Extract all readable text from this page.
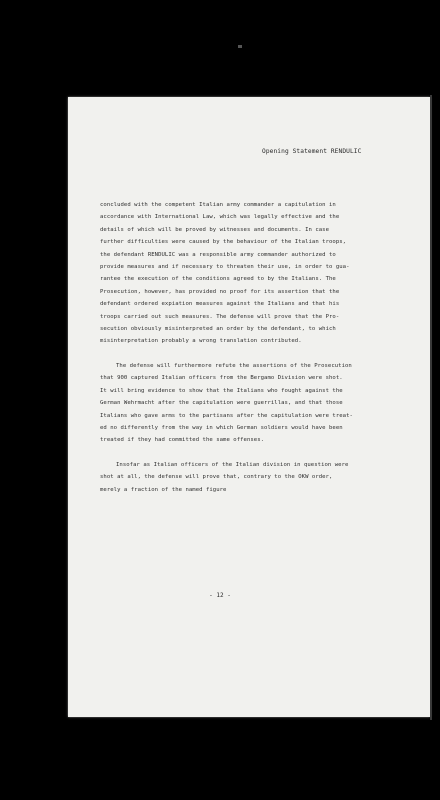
Opening Statement RENDULIC
concluded with the competent Italian army commander a capitulation in
accordance with International Law, which was legally effective and the
details of which will be proved by witnesses and documents. In case
further difficulties were caused by the behaviour of the Italian troops,
the defendant RENDULIC was a responsible army commander authorized to
provide measures and if necessary to threaten their use, in order to gua-
rantee the execution of the conditions agreed to by the Italians. The
Prosecution, however, has provided no proof for its assertion that the
defendant ordered expiation measures against the Italians and that his
troops carried out such measures. The defense will prove that the Pro-
secution obviously misinterpreted an order by the defendant, to which
misinterpretation probably a wrong translation contributed.
The defense will furthermore refute the assertions of the Prosecution
that 900 captured Italian officers from the Bergamo Division were shot.
It will bring evidence to show that the Italians who fought against the
German Wehrmacht after the capitulation were guerrillas, and that those
Italians who gave arms to the partisans after the capitulation were treat-
ed no differently from the way in which German soldiers would have been
treated if they had committed the same offenses.
Insofar as Italian officers of the Italian division in question were
shot at all, the defense will prove that, contrary to the OKW order,
merely a fraction of the named figure
- 12 -
